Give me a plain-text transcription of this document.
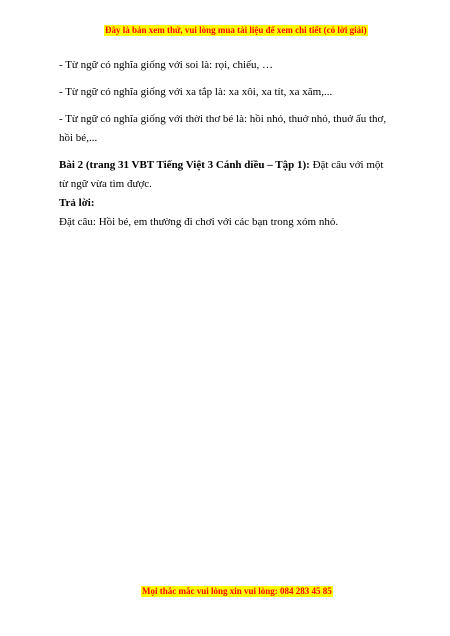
Đây là bản xem thử, vui lòng mua tài liệu để xem chi tiết (có lời giải)

- Từ ngữ có nghĩa giống với soi là: rọi, chiếu, …

- Từ ngữ có nghĩa giống với xa tắp là: xa xôi, xa tít, xa xăm,...

- Từ ngữ có nghĩa giống với thời thơ bé là: hồi nhỏ, thuở nhỏ, thuở ấu thơ, hồi bé,...

Bài 2 (trang 31 VBT Tiếng Việt 3 Cánh diều – Tập 1): Đặt câu với một từ ngữ vừa tìm được.

Trả lời:

Đặt câu: Hồi bé, em thường đi chơi với các bạn trong xóm nhỏ.

Mọi thắc mắc vui lòng xin vui lòng: 084 283 45 85
